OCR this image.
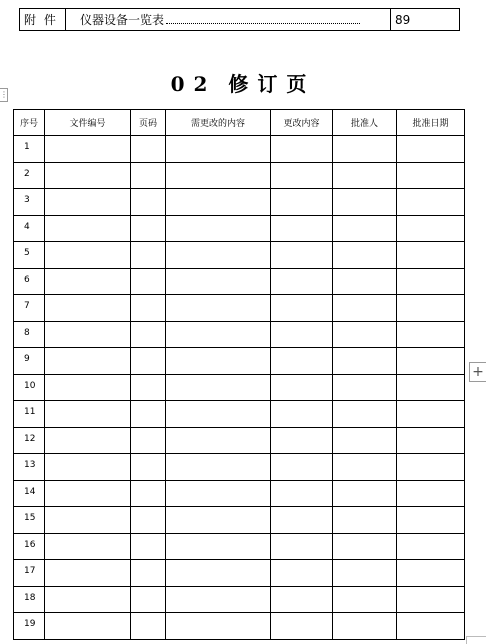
附 件	仪器设备一览表	89
⋮	02 修订页
序号	文件编号	页码	需更改的内容	更改内容	批准人	批准日期
1						
2						
3						
4						
5						
6						
7						
8						
9						
10						
11						
12						
13						
14						
15						
16						
17						
18						
19						
+
